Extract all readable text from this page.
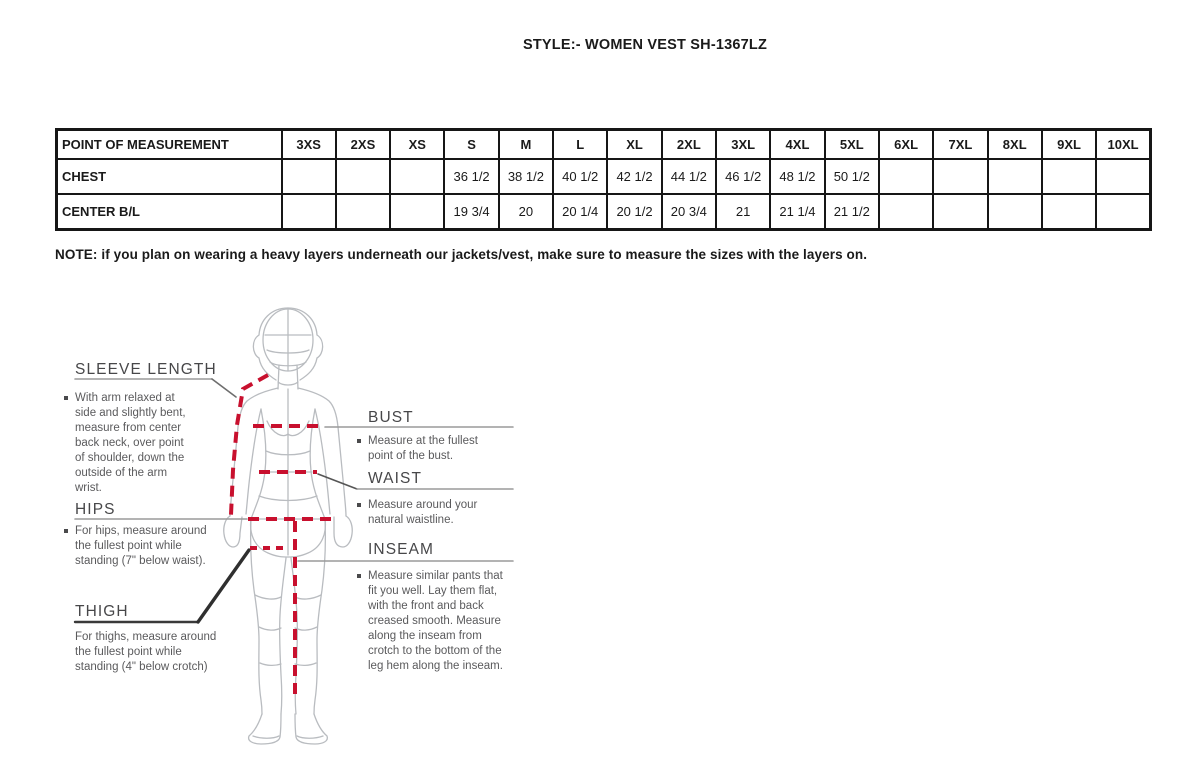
STYLE:- WOMEN VEST SH-1367LZ
POINT OF MEASUREMENT	3XS	2XS	XS	S	M	L	XL	2XL	3XL	4XL	5XL	6XL	7XL	8XL	9XL	10XL
CHEST				36 1/2	38 1/2	40 1/2	42 1/2	44 1/2	46 1/2	48 1/2	50 1/2					
CENTER B/L				19 3/4	20	20 1/4	20 1/2	20 3/4	21	21 1/4	21 1/2					
NOTE: if you plan on wearing a heavy layers underneath our jackets/vest, make sure to measure the sizes with the layers on.
SLEEVE LENGTH
With arm relaxed at side and slightly bent, measure from center back neck, over point of shoulder, down the outside of the arm wrist.
HIPS
For hips, measure around the fullest point while standing (7" below waist).
THIGH
For thighs, measure around the fullest point while standing (4" below crotch)
BUST
Measure at the fullest point of the bust.
WAIST
Measure around your natural waistline.
INSEAM
Measure similar pants that fit you well. Lay them flat, with the front and back creased smooth. Measure along the inseam from crotch to the bottom of the leg hem along the inseam.
